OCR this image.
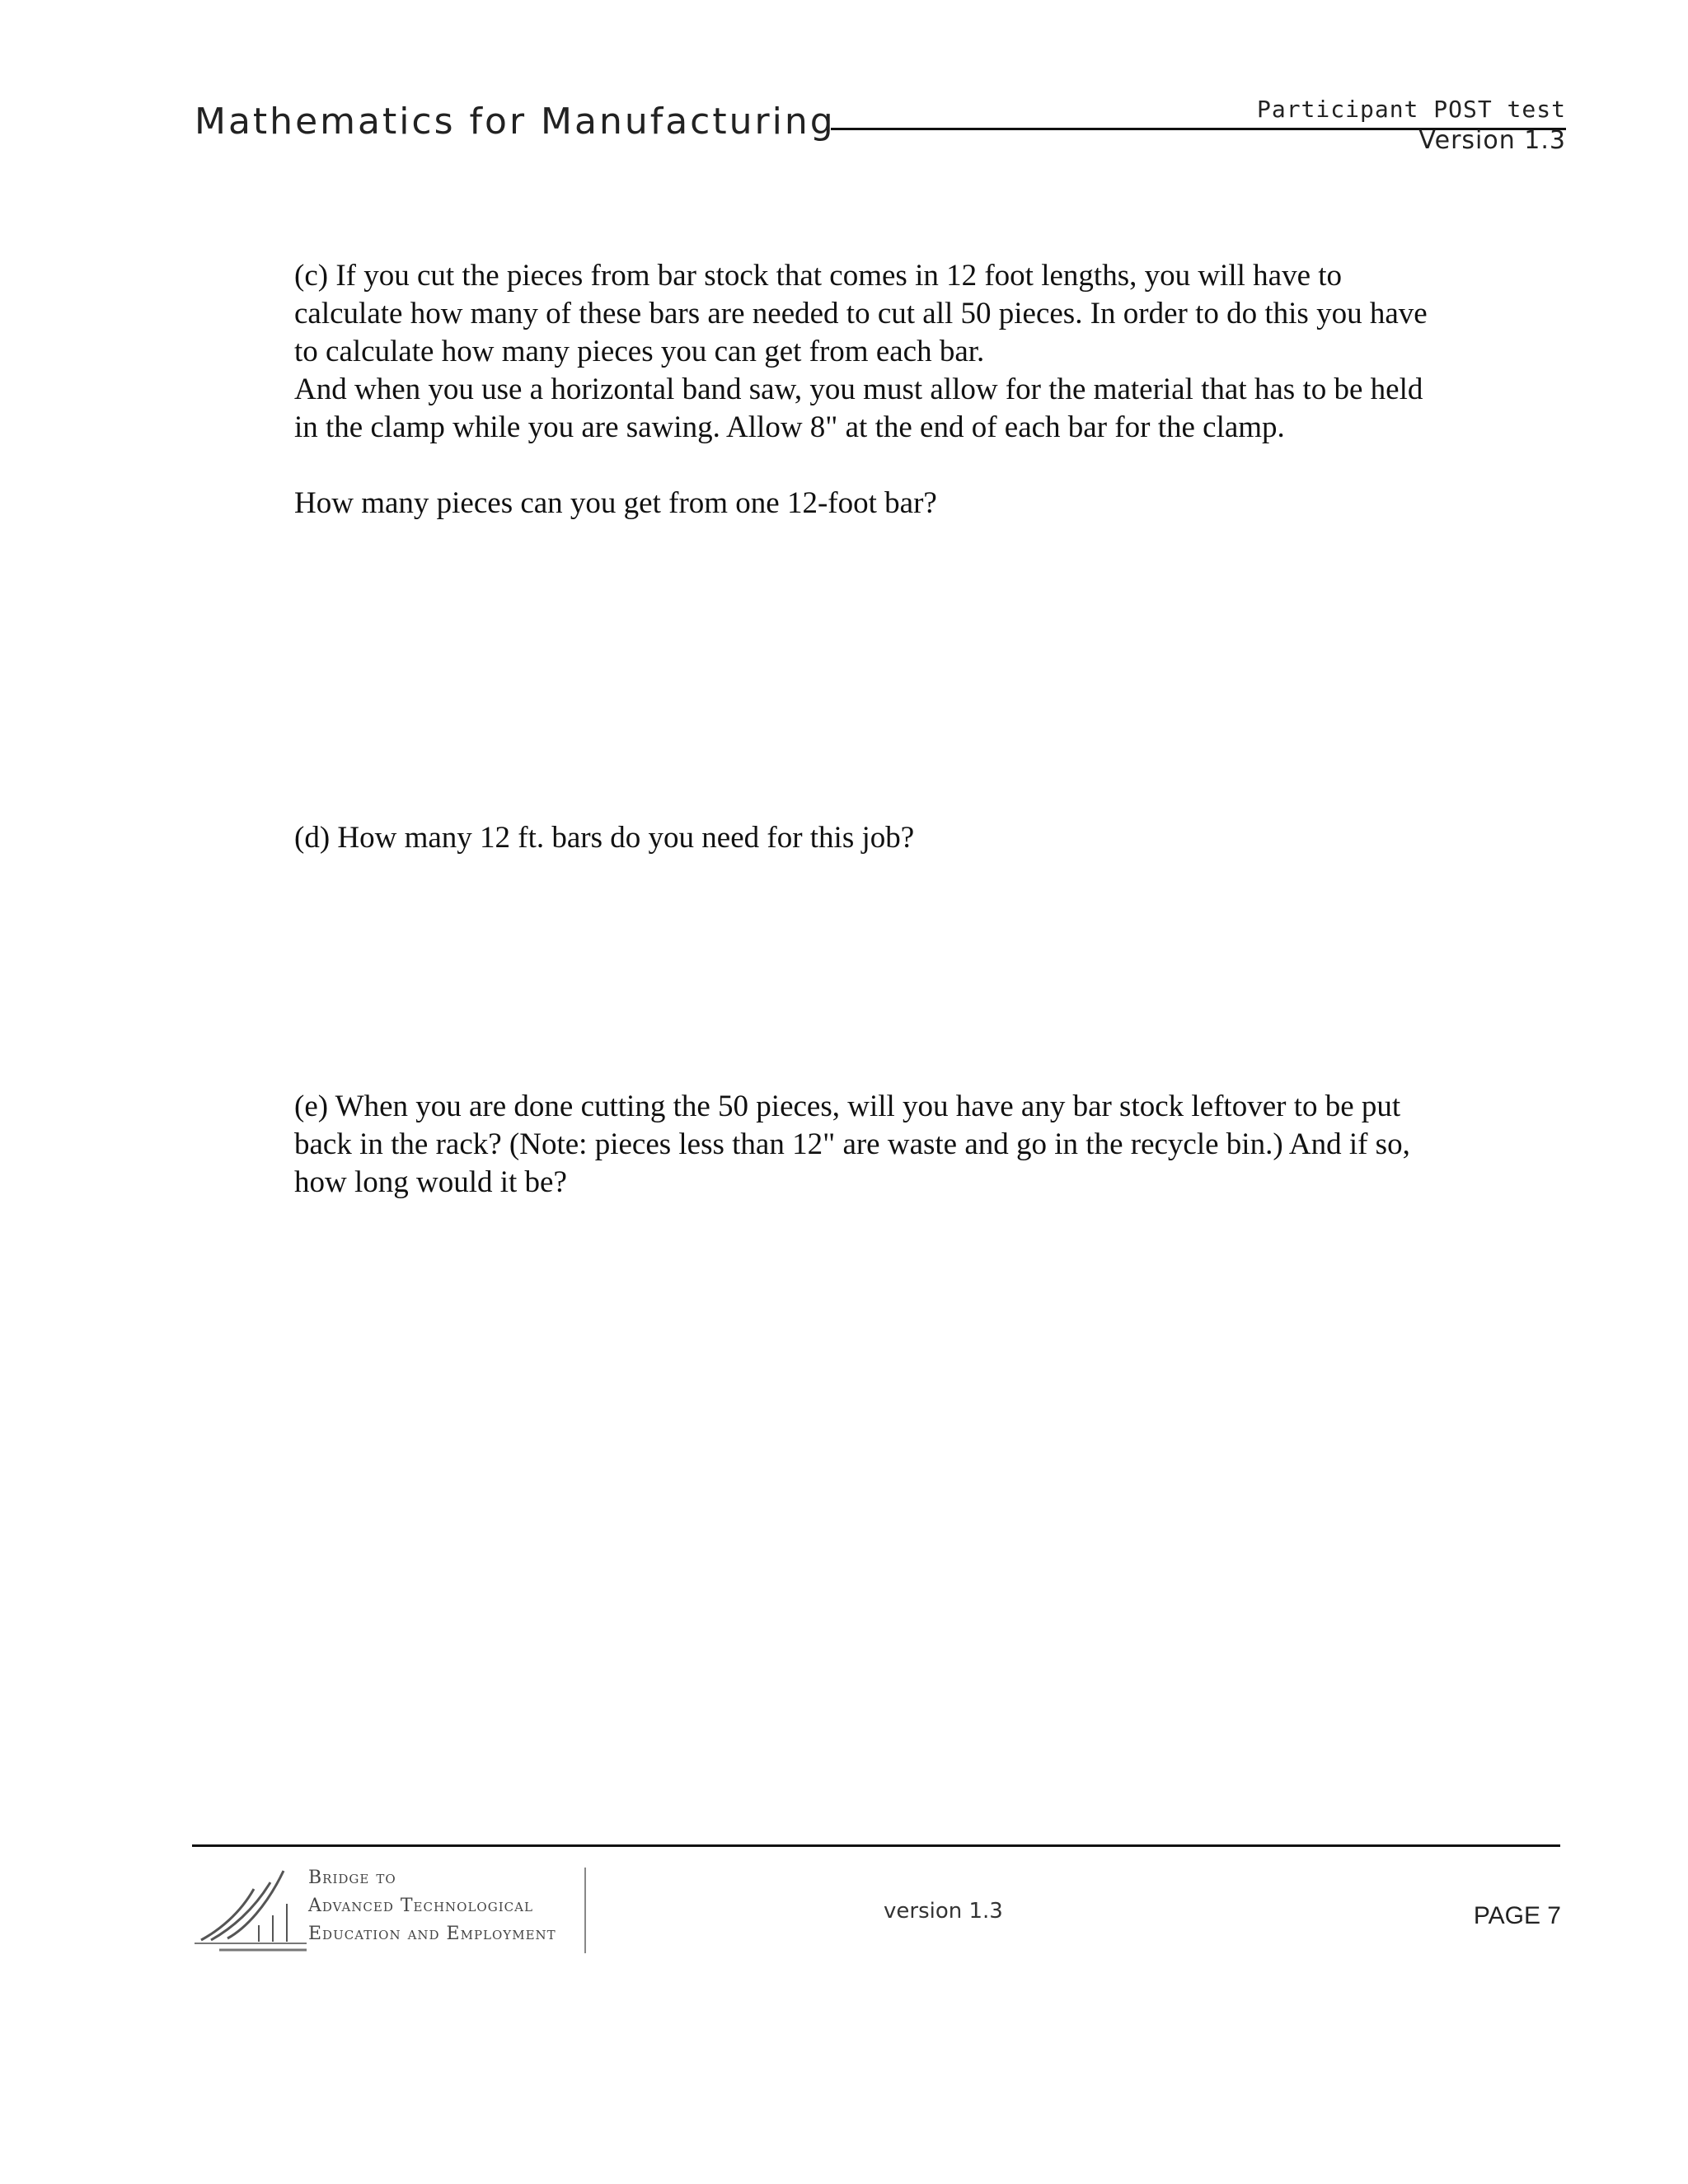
Mathematics for Manufacturing	Participant POST test
Version 1.3

(c) If you cut the pieces from bar stock that comes in 12 foot lengths, you will have to calculate how many of these bars are needed to cut all 50 pieces. In order to do this you have to calculate how many pieces you can get from each bar.

And when you use a horizontal band saw, you must allow for the material that has to be held in the clamp while you are sawing. Allow 8" at the end of each bar for the clamp.

How many pieces can you get from one 12-foot bar?

(d) How many 12 ft. bars do you need for this job?

(e) When you are done cutting the 50 pieces, will you have any bar stock leftover to be put back in the rack? (Note: pieces less than 12" are waste and go in the recycle bin.) And if so, how long would it be?

Bridge to
Advanced Technological
Education and Employment
version 1.3	PAGE 7
